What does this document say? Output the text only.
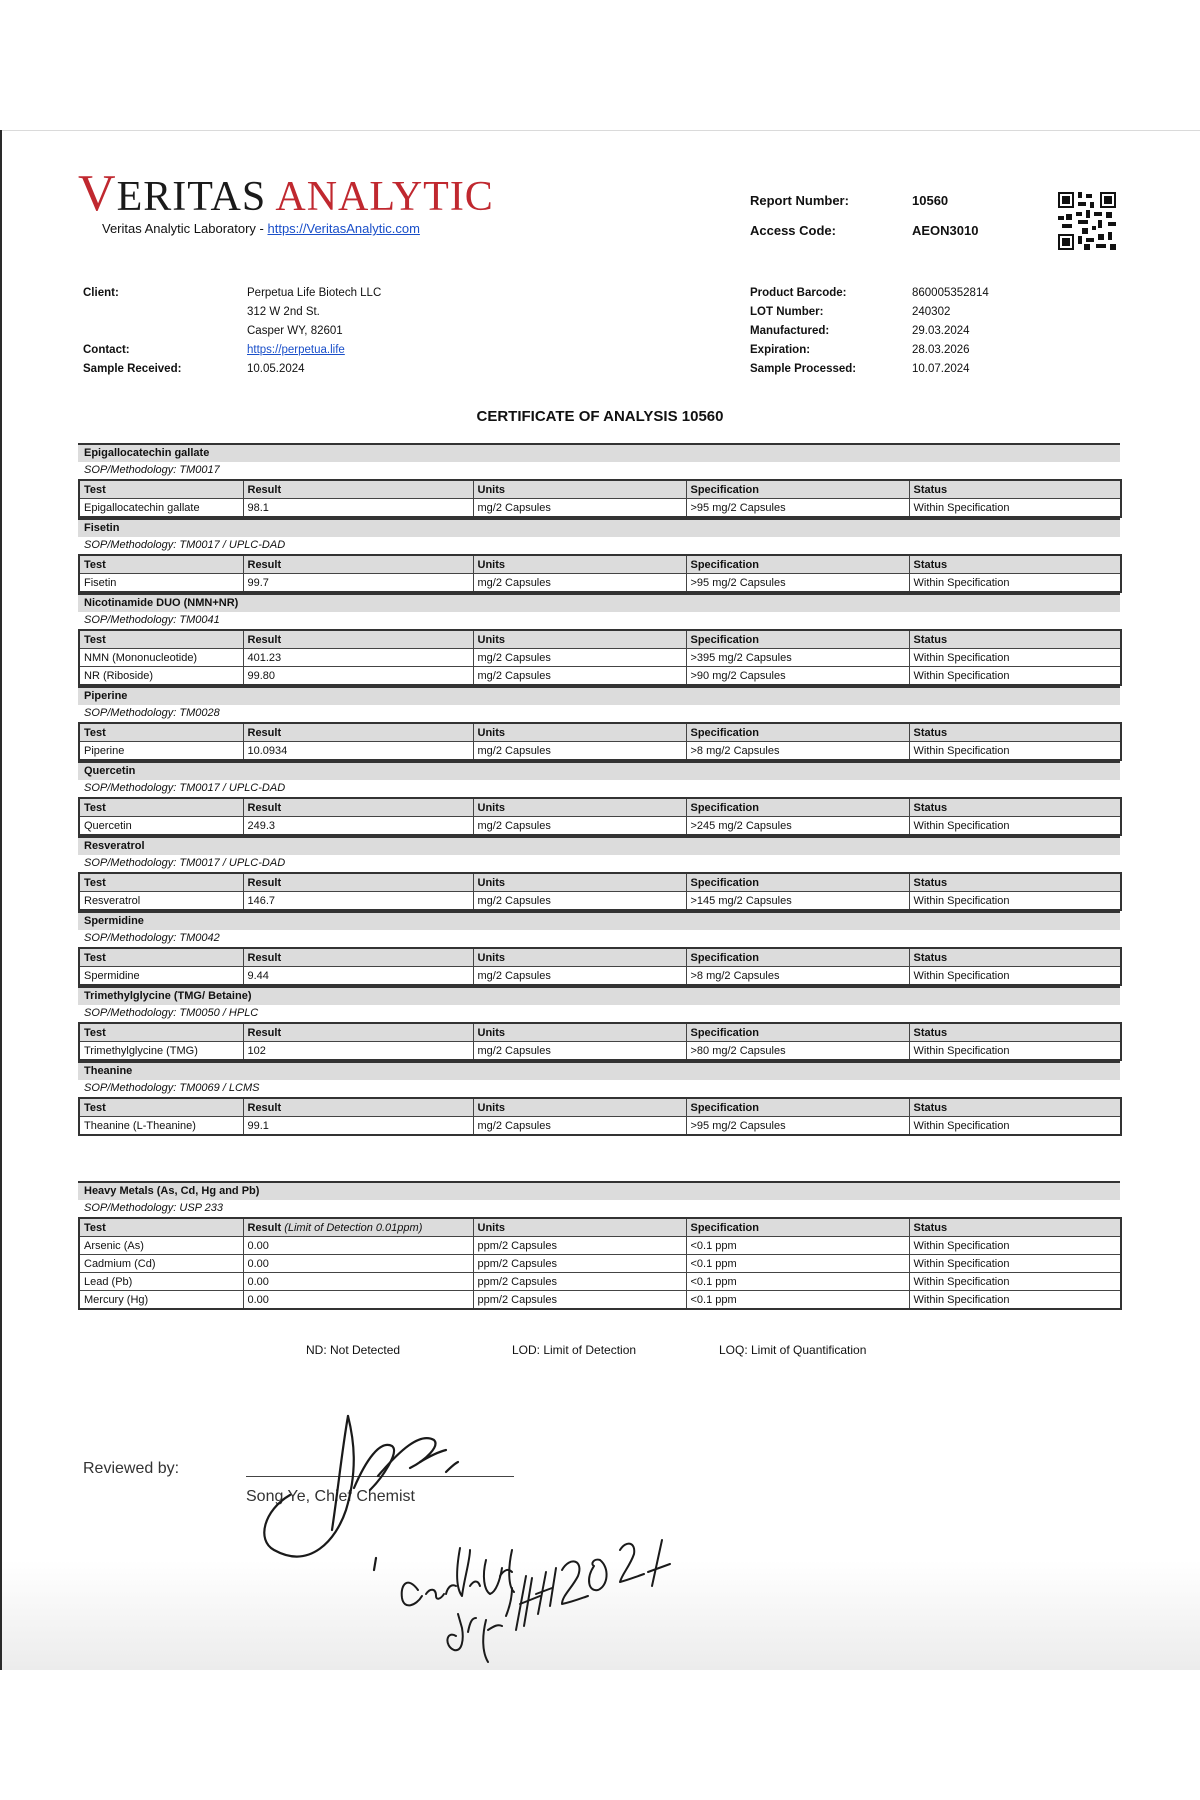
VERITAS ANALYTIC
Veritas Analytic Laboratory - https://VeritasAnalytic.com
Report Number:	10560
Access Code:	AEON3010
Client:	Perpetua Life Biotech LLC
312 W 2nd St.
Casper WY, 82601
Contact:	https://perpetua.life
Sample Received:	10.05.2024
Product Barcode:	860005352814
LOT Number:	240302
Manufactured:	29.03.2024
Expiration:	28.03.2026
Sample Processed:	10.07.2024
CERTIFICATE OF ANALYSIS 10560
Epigallocatechin gallate
SOP/Methodology: TM0017
Test	Result	Units	Specification	Status
Epigallocatechin gallate	98.1	mg/2 Capsules	>95 mg/2 Capsules	Within Specification
Fisetin
SOP/Methodology: TM0017 / UPLC-DAD
Test	Result	Units	Specification	Status
Fisetin	99.7	mg/2 Capsules	>95 mg/2 Capsules	Within Specification
Nicotinamide DUO (NMN+NR)
SOP/Methodology: TM0041
Test	Result	Units	Specification	Status
NMN (Mononucleotide)	401.23	mg/2 Capsules	>395 mg/2 Capsules	Within Specification
NR (Riboside)	99.80	mg/2 Capsules	>90 mg/2 Capsules	Within Specification
Piperine
SOP/Methodology: TM0028
Test	Result	Units	Specification	Status
Piperine	10.0934	mg/2 Capsules	>8 mg/2 Capsules	Within Specification
Quercetin
SOP/Methodology: TM0017 / UPLC-DAD
Test	Result	Units	Specification	Status
Quercetin	249.3	mg/2 Capsules	>245 mg/2 Capsules	Within Specification
Resveratrol
SOP/Methodology: TM0017 / UPLC-DAD
Test	Result	Units	Specification	Status
Resveratrol	146.7	mg/2 Capsules	>145 mg/2 Capsules	Within Specification
Spermidine
SOP/Methodology: TM0042
Test	Result	Units	Specification	Status
Spermidine	9.44	mg/2 Capsules	>8 mg/2 Capsules	Within Specification
Trimethylglycine (TMG/ Betaine)
SOP/Methodology: TM0050 / HPLC
Test	Result	Units	Specification	Status
Trimethylglycine (TMG)	102	mg/2 Capsules	>80 mg/2 Capsules	Within Specification
Theanine
SOP/Methodology: TM0069 / LCMS
Test	Result	Units	Specification	Status
Theanine (L-Theanine)	99.1	mg/2 Capsules	>95 mg/2 Capsules	Within Specification
Heavy Metals (As, Cd, Hg and Pb)
SOP/Methodology: USP 233
Test	Result (Limit of Detection 0.01ppm)	Units	Specification	Status
Arsenic (As)	0.00	ppm/2 Capsules	<0.1 ppm	Within Specification
Cadmium (Cd)	0.00	ppm/2 Capsules	<0.1 ppm	Within Specification
Lead (Pb)	0.00	ppm/2 Capsules	<0.1 ppm	Within Specification
Mercury (Hg)	0.00	ppm/2 Capsules	<0.1 ppm	Within Specification
ND: Not Detected	LOD: Limit of Detection	LOQ: Limit of Quantification
Reviewed by:
Song Ye, Chief Chemist
